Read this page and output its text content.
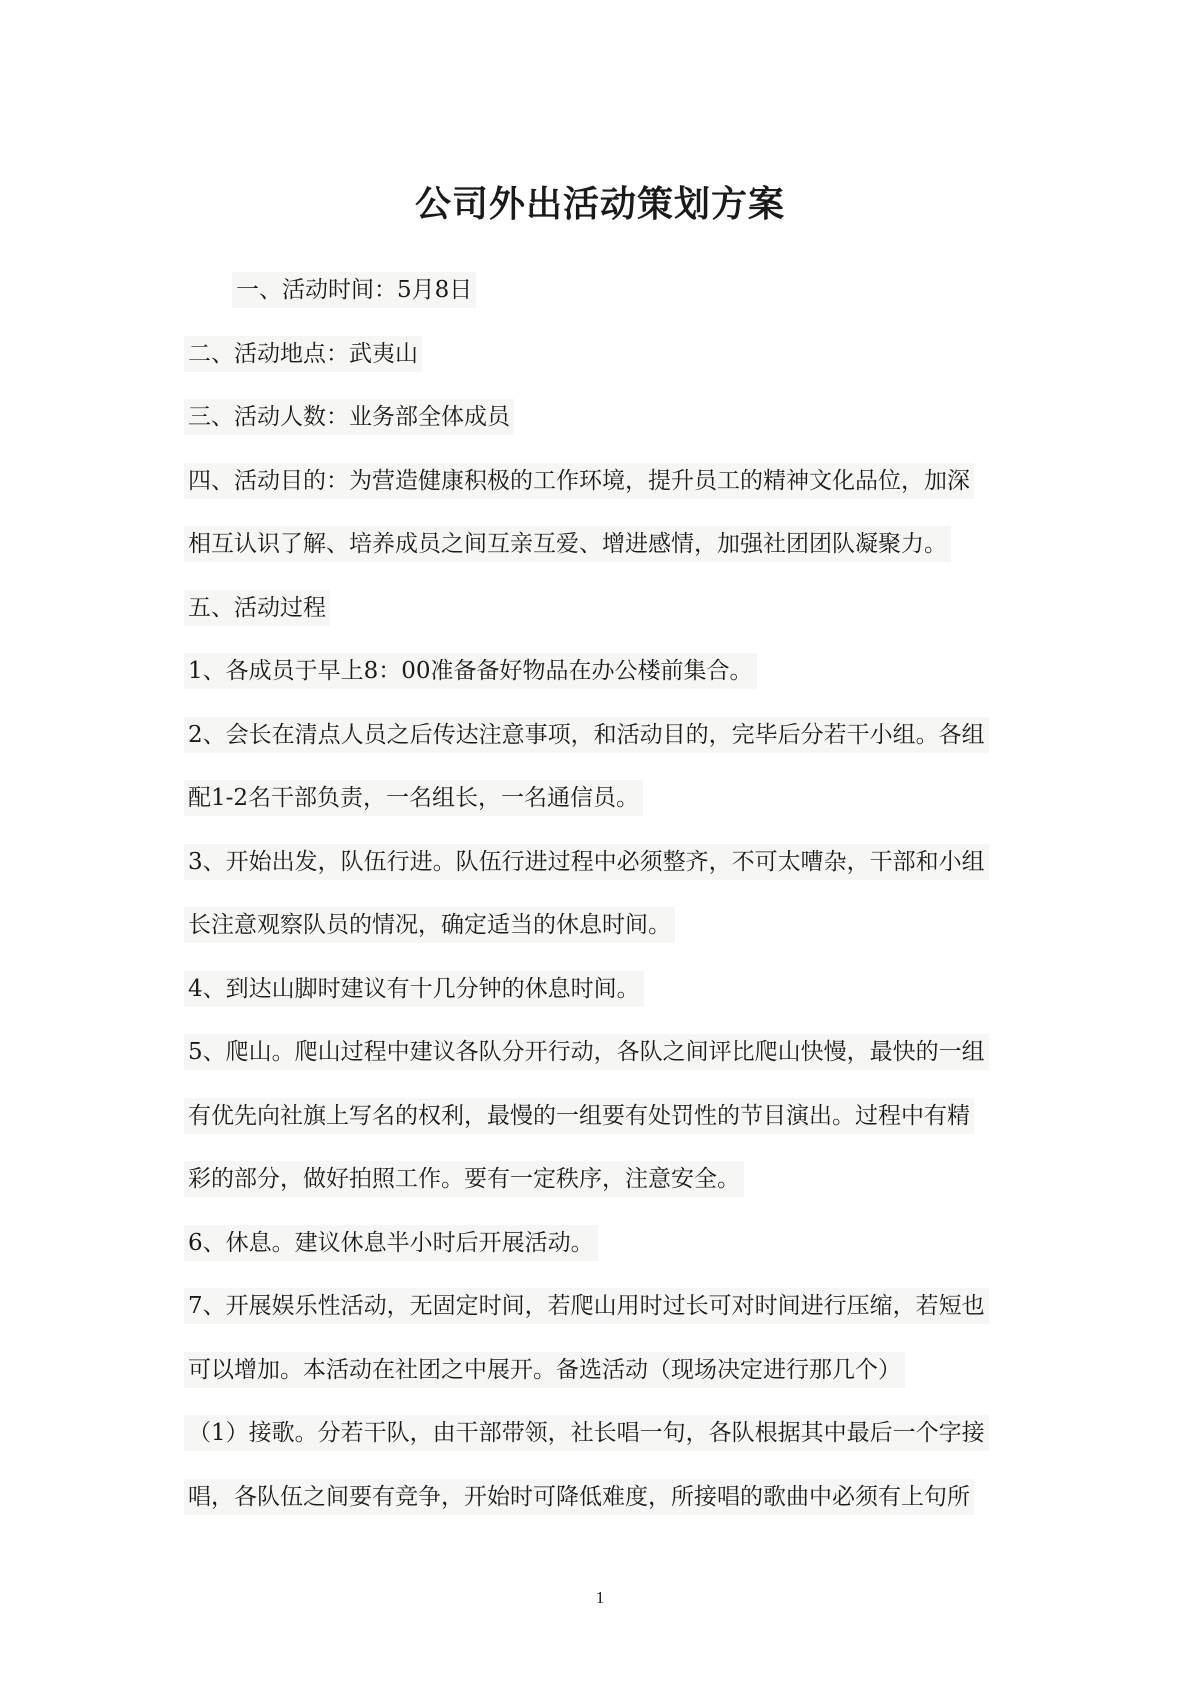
公司外出活动策划方案
一、活动时间：5月8日
二、活动地点：武夷山
三、活动人数：业务部全体成员
四、活动目的：为营造健康积极的工作环境，提升员工的精神文化品位，加深
相互认识了解、培养成员之间互亲互爱、增进感情，加强社团团队凝聚力。
五、活动过程
1、各成员于早上8：00准备备好物品在办公楼前集合。
2、会长在清点人员之后传达注意事项，和活动目的，完毕后分若干小组。各组
配1-2名干部负责，一名组长，一名通信员。
3、开始出发，队伍行进。队伍行进过程中必须整齐，不可太嘈杂，干部和小组
长注意观察队员的情况，确定适当的休息时间。
4、到达山脚时建议有十几分钟的休息时间。
5、爬山。爬山过程中建议各队分开行动，各队之间评比爬山快慢，最快的一组
有优先向社旗上写名的权利，最慢的一组要有处罚性的节目演出。过程中有精
彩的部分，做好拍照工作。要有一定秩序，注意安全。
6、休息。建议休息半小时后开展活动。
7、开展娱乐性活动，无固定时间，若爬山用时过长可对时间进行压缩，若短也
可以增加。本活动在社团之中展开。备选活动（现场决定进行那几个）
（1）接歌。分若干队，由干部带领，社长唱一句，各队根据其中最后一个字接
唱，各队伍之间要有竞争，开始时可降低难度，所接唱的歌曲中必须有上句所
1
